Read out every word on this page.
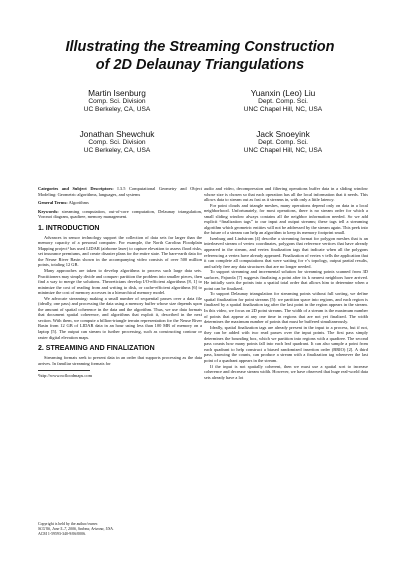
Illustrating the Streaming Construction
of 2D Delaunay Triangulations
Martin Isenburg
Comp. Sci. Division
UC Berkeley, CA, USA
Yuanxin (Leo) Liu
Dept. Comp. Sci.
UNC Chapel Hill, NC, USA
Jonathan Shewchuk
Comp. Sci. Division
UC Berkeley, CA, USA
Jack Snoeyink
Dept. Comp. Sci.
UNC Chapel Hill, NC, USA

Categories and Subject Descriptors: I.3.5 Computational Geometry and Object Modeling: Geometric algorithms, languages, and systems

General Terms: Algorithms

Keywords: streaming computation, out-of-core computation, Delaunay triangulation, Voronoi diagram, quadtree, memory management.

1. INTRODUCTION

Advances in sensor technology support the collection of data sets far larger than the memory capacity of a personal computer. For example, the North Carolina Floodplain Mapping project¹ has used LIDAR (airborne laser) to capture elevation to assess flood risks, set insurance premiums, and create disaster plans for the entire state. The bare-earth data for the Neuse River Basin shown in the accompanying video consists of over 500 million points, totaling 12 GB.

Many approaches are taken to develop algorithms to process such large data sets. Practitioners may simply divide and conquer: partition the problem into smaller pieces, then find a way to merge the solutions. Theoreticians develop I/O-efficient algorithms [8, 1] to minimize the cost of reading from and writing to disk, or cache-efficient algorithms [6] to minimize the cost of memory accesses in a hierarchical memory model.

We advocate streaming: making a small number of sequential passes over a data file (ideally, one pass) and processing the data using a memory buffer whose size depends upon the amount of spatial coherence in the data and the algorithm. Thus, we use data formats that document spatial coherence, and algorithms that exploit it, described in the next section. With them, we compute a billion-triangle terrain representation for the Neuse River Basin from 12 GB of LIDAR data in an hour using less than 100 MB of memory on a laptop [5]. The output can stream to further processing, such as constructing contour or raster digital elevation maps.

2. STREAMING AND FINALIZATION

Streaming formats seek to present data in an order that supports processing as the data arrives. In familiar streaming formats for

¹http://www.ncfloodmaps.com

Copyright is held by the author/owner.
SCG'06, June 5–7, 2006, Sedona, Arizona, USA.
ACM 1-59593-340-9/06/0006.

audio and video, decompression and filtering operations buffer data in a sliding window whose size is chosen so that each operation has all the local information that it needs. This allows data to stream out as fast as it streams in, with only a little latency.

For point clouds and triangle meshes, many operations depend only on data in a local neighborhood. Unfortunately, for most operations, there is no stream order for which a small sliding window always contains all the neighbor information needed. So we add explicit “finalization tags” to our input and output streams; these tags tell a streaming algorithm which geometric entities will not be addressed by the stream again. This peek into the future of a stream can help an algorithm to keep its memory footprint small.

Isenburg and Lindstrom [4] describe a streaming format for polygon meshes that is an interleaved stream of vertex coordinates, polygons that reference vertices that have already appeared in the stream, and vertex finalization tags that indicate when all the polygons referencing a vertex have already appeared. Finalization of vertex v tells the application that it can complete all computations that were waiting for v’s topology, output partial results, and safely free any data structures that are no longer needed.

To support streaming and incremental solution for streaming points scanned from 3D surfaces, Pajarola [7] suggests finalizing a point after its k nearest neighbors have arrived. He initially sorts the points into a spatial total order that allows him to determine when a point can be finalized.

To support Delaunay triangulation for streaming points without full sorting, we define spatial finalization for point streams [5]: we partition space into regions, and each region is finalized by a spatial finalization tag after the last point in the region appears in the stream. In this video, we focus on 2D point streams. The width of a stream is the maximum number of points that appear at any one time in regions that are not yet finalized. The width determines the maximum number of points that must be buffered simultaneously.

Ideally, spatial finalization tags are already present in the input to a process, but if not, they can be added with two read passes over the input points. The first pass simply determines the bounding box, which we partition into regions with a quadtree. The second pass counts how many points fall into each leaf quadrant. It can also sample a point from each quadrant to help construct a biased randomized insertion order (BRIO) [2]. A third pass, knowing the counts, can produce a stream with a finalization tag whenever the last point of a quadrant appears in the stream.

If the input is not spatially coherent, then we must use a spatial sort to increase coherence and decrease stream width. However, we have observed that huge real-world data sets already have a lot
